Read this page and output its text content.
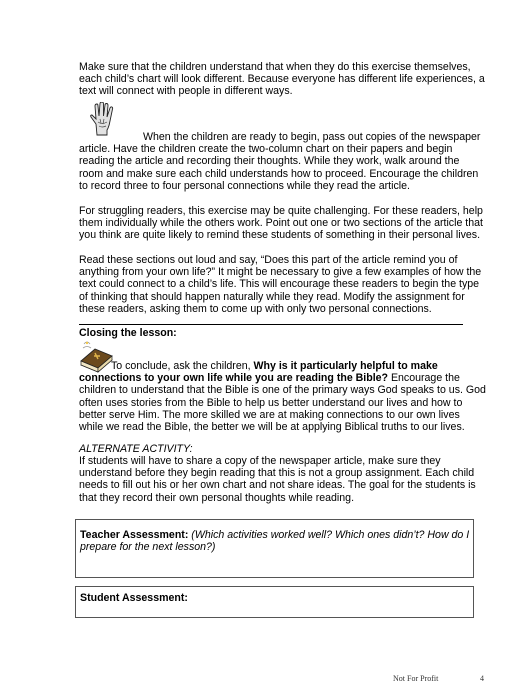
Make sure that the children understand that when they do this exercise themselves, each child’s chart will look different. Because everyone has different life experiences, a text will connect with people in different ways.

When the children are ready to begin, pass out copies of the newspaper article. Have the children create the two-column chart on their papers and begin reading the article and recording their thoughts. While they work, walk around the room and make sure each child understands how to proceed. Encourage the children to record three to four personal connections while they read the article.

For struggling readers, this exercise may be quite challenging. For these readers, help them individually while the others work. Point out one or two sections of the article that you think are quite likely to remind these students of something in their personal lives.

Read these sections out loud and say, “Does this part of the article remind you of anything from your own life?” It might be necessary to give a few examples of how the text could connect to a child’s life. This will encourage these readers to begin the type of thinking that should happen naturally while they read. Modify the assignment for these readers, asking them to come up with only two personal connections.

Closing the lesson:

To conclude, ask the children, Why is it particularly helpful to make connections to your own life while you are reading the Bible? Encourage the children to understand that the Bible is one of the primary ways God speaks to us. God often uses stories from the Bible to help us better understand our lives and how to better serve Him. The more skilled we are at making connections to our own lives while we read the Bible, the better we will be at applying Biblical truths to our lives.

ALTERNATE ACTIVITY:

If students will have to share a copy of the newspaper article, make sure they understand before they begin reading that this is not a group assignment. Each child needs to fill out his or her own chart and not share ideas. The goal for the students is that they record their own personal thoughts while reading.

Teacher Assessment: (Which activities worked well? Which ones didn’t? How do I prepare for the next lesson?)
Student Assessment:
Not For Profit	4
